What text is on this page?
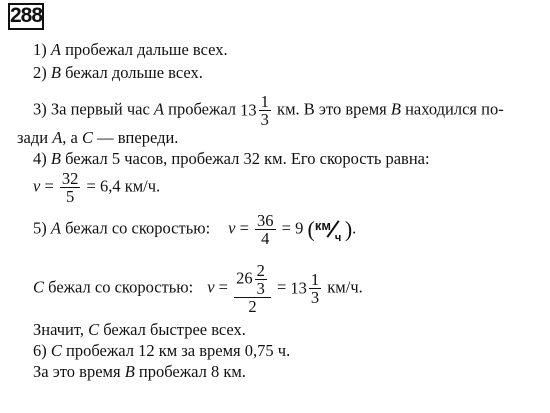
288
1) A пробежал дальше всех.
2) B бежал дольше всех.
3) За первый час A пробежал $13 \frac{1}{3}$ км. В это время B находился по-
зади A, а C — впереди.
4) B бежал 5 часов, пробежал 32 км. Его скорость равна:
$v = \frac{32}{5} = 6,4$ км/ч.
5) A бежал со скоростью: $v = \frac{36}{4} = 9$ ( км
ч ).
C бежал со скоростью: $v = \frac{26 \frac{2}{3}}{2} = 13 \frac{1}{3} км/ч$.
Значит, C бежал быстрее всех.
6) C пробежал 12 км за время 0,75 ч.
За это время B пробежал 8 км.
